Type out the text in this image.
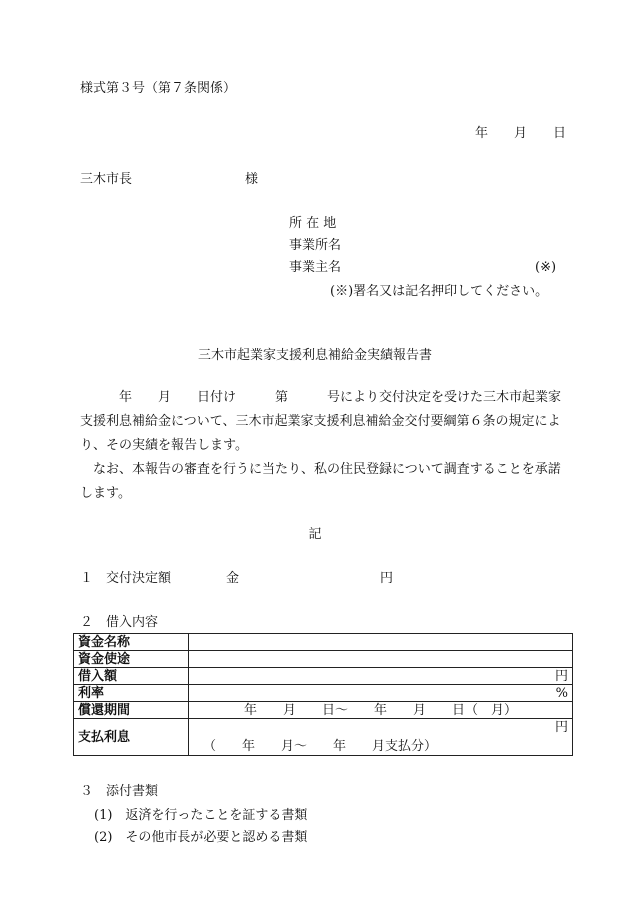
様式第３号（第７条関係）
年　　月　　日
三木市長	様
所 在 地
事業所名
事業主名	(※)
(※)署名又は記名押印してください。
三木市起業家支援利息補給金実績報告書

　　　年　　月　　日付け　　　第　　　号により交付決定を受けた三木市起業家支援利息補給金について、三木市起業家支援利息補給金交付要綱第６条の規定により、その実績を報告します。

　なお、本報告の審査を行うに当たり、私の住民登録について調査することを承諾します。

記
１　交付決定額	金	円
２　借入内容
資金名称	
資金使途	
借入額	円
利率	%
償還期間	年　　月　　日～　　年　　月　　日（　月）

支払利息	円
（　　年　　月～　　年　　月支払分）
３　添付書類
(1)　返済を行ったことを証する書類
(2)　その他市長が必要と認める書類
